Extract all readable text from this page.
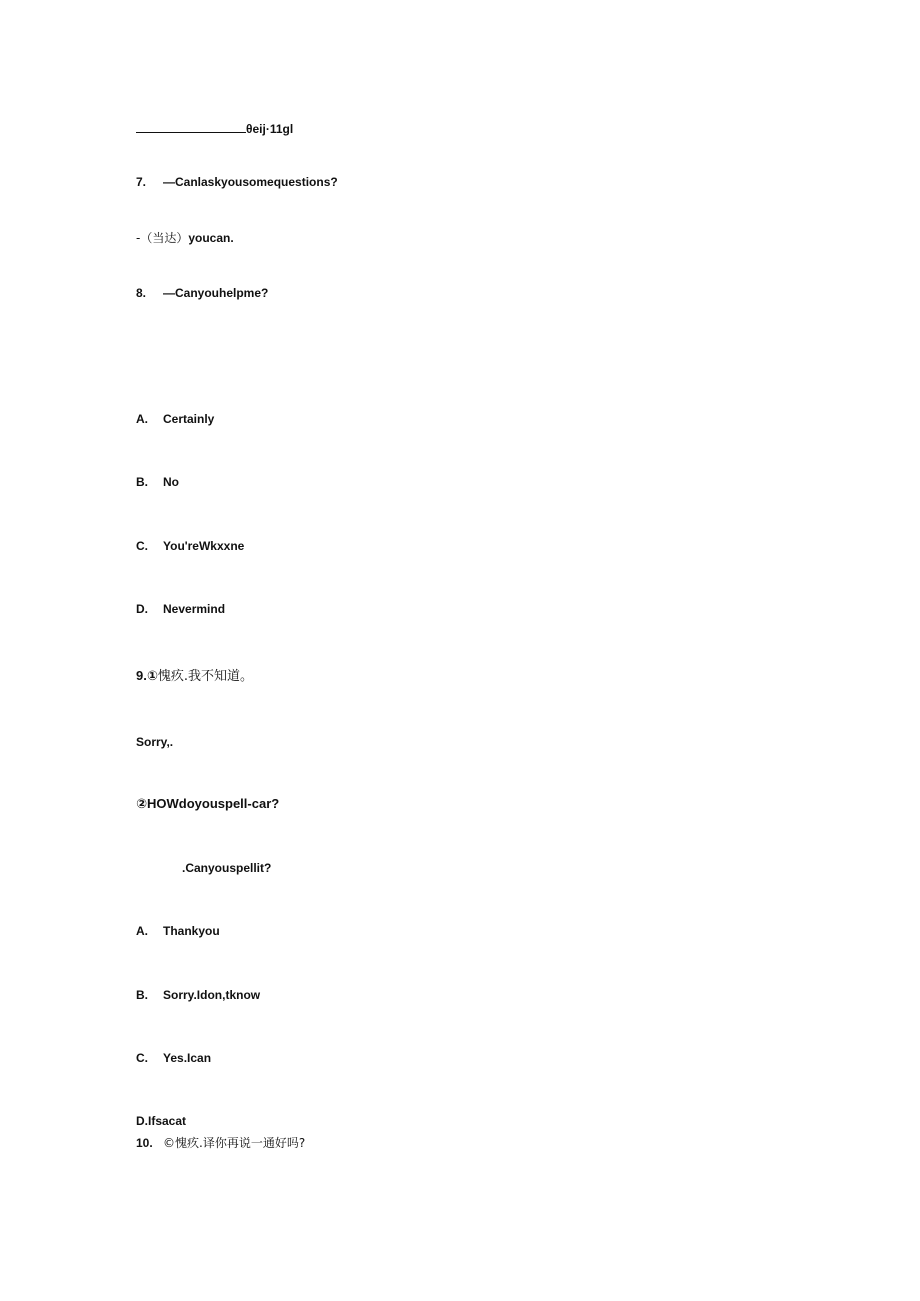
θeij·11gl
7. —Canlaskyousomequestions?
-（当达）youcan.
8. —Canyouhelpme?
A. Certainly
B. No
C. You'reWkxxne
D. Nevermind
9.①愧疚.我不知道。
Sorry,.
②HOWdoyouspell-car?
.Canyouspellit?
A. Thankyou
B. Sorry.Idon,tknow
C. Yes.Ican
D.Ifsacat
10. ©愧疚.译你再说一通好吗?
